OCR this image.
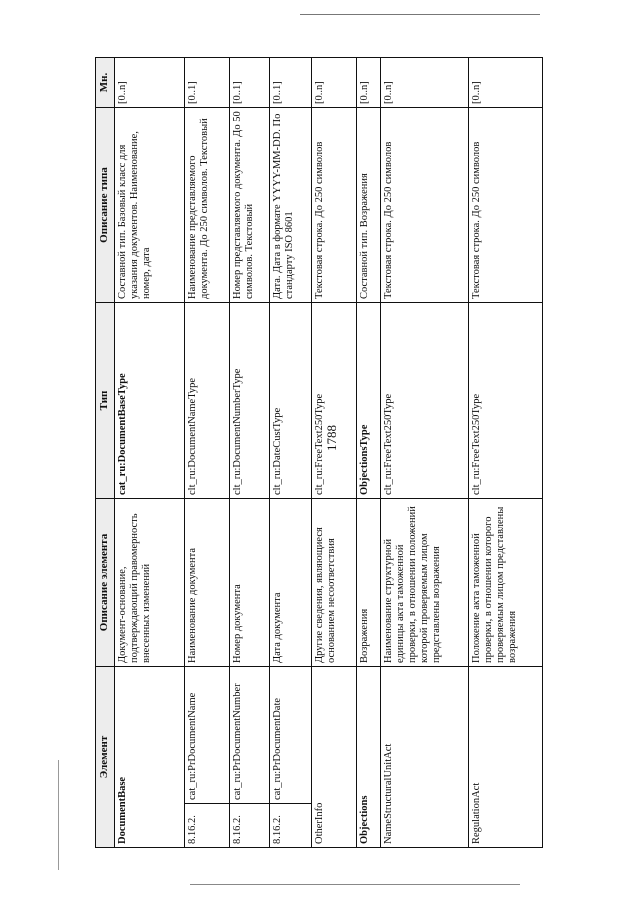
1788
Элемент		Описание элемента	Тип	Описание типа	Мн.
DocumentBase		Документ-основание, подтверждающий правомерность внесенных изменений	cat_ru:DocumentBaseType	Составной тип. Базовый класс для указания документов. Наименование, номер, дата	[0..n]
8.16.2.	cat_ru:PrDocumentName	Наименование документа	clt_ru:DocumentNameType	Наименование представляемого документа. До 250 символов. Текстовый	[0..1]
8.16.2.	cat_ru:PrDocumentNumber	Номер документа	clt_ru:DocumentNumberType	Номер представляемого документа. До 50 символов. Текстовый	[0..1]
8.16.2.	cat_ru:PrDocumentDate	Дата документа	clt_ru:DateCustType	Дата. Дата в формате YYYY-MM-DD. По стандарту ISO 8601	[0..1]
OtherInfo		Другие сведения, являющиеся основанием несоответствия	clt_ru:FreeText250Type	Текстовая строка. До 250 символов	[0..n]
Objections		Возражения	ObjectionsType	Составной тип. Возражения	[0..n]
NameStructuralUnitAct		Наименование структурной единицы акта таможенной проверки, в отношении положений которой проверяемым лицом представлены возражения	clt_ru:FreeText250Type	Текстовая строка. До 250 символов	[0..n]
RegulationAct		Положение акта таможенной проверки, в отношении которого проверяемым лицом представлены возражения	clt_ru:FreeText250Type	Текстовая строка. До 250 символов	[0..n]
